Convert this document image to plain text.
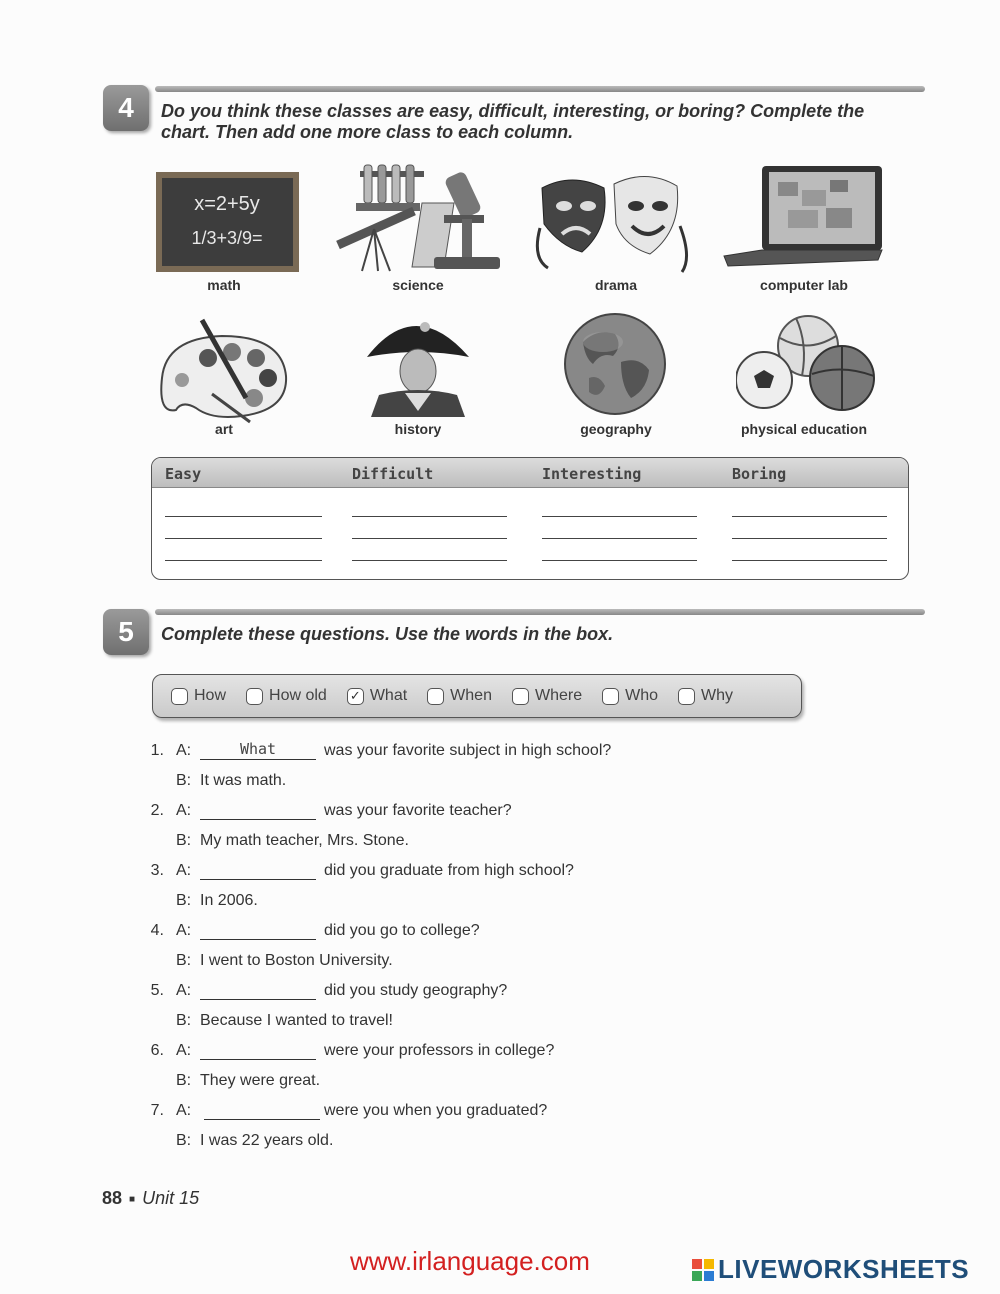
4	Do you think these classes are easy, difficult, interesting, or boring? Complete the
chart. Then add one more class to each column.
x=2+5y
1/3+3/9=
math	science	drama	computer lab
art	history	geography	physical education
Easy	Difficult	Interesting	Boring
5	Complete these questions. Use the words in the box.
How	How old ✓ What	When	Where	Who	Why
1. A:	What	was your favorite subject in high school?
B: It was math.
2. A:	was your favorite teacher?
B: My math teacher, Mrs. Stone.
3. A:	did you graduate from high school?
B: In 2006.
4. A:	did you go to college?
B: I went to Boston University.
5. A:	did you study geography?
B: Because I wanted to travel!
6. A:	were your professors in college?
B: They were great.
7. A:	were you when you graduated?
B: I was 22 years old.
88 ■ Unit 15
www.irlanguage.com	LIVEWORKSHEETS
